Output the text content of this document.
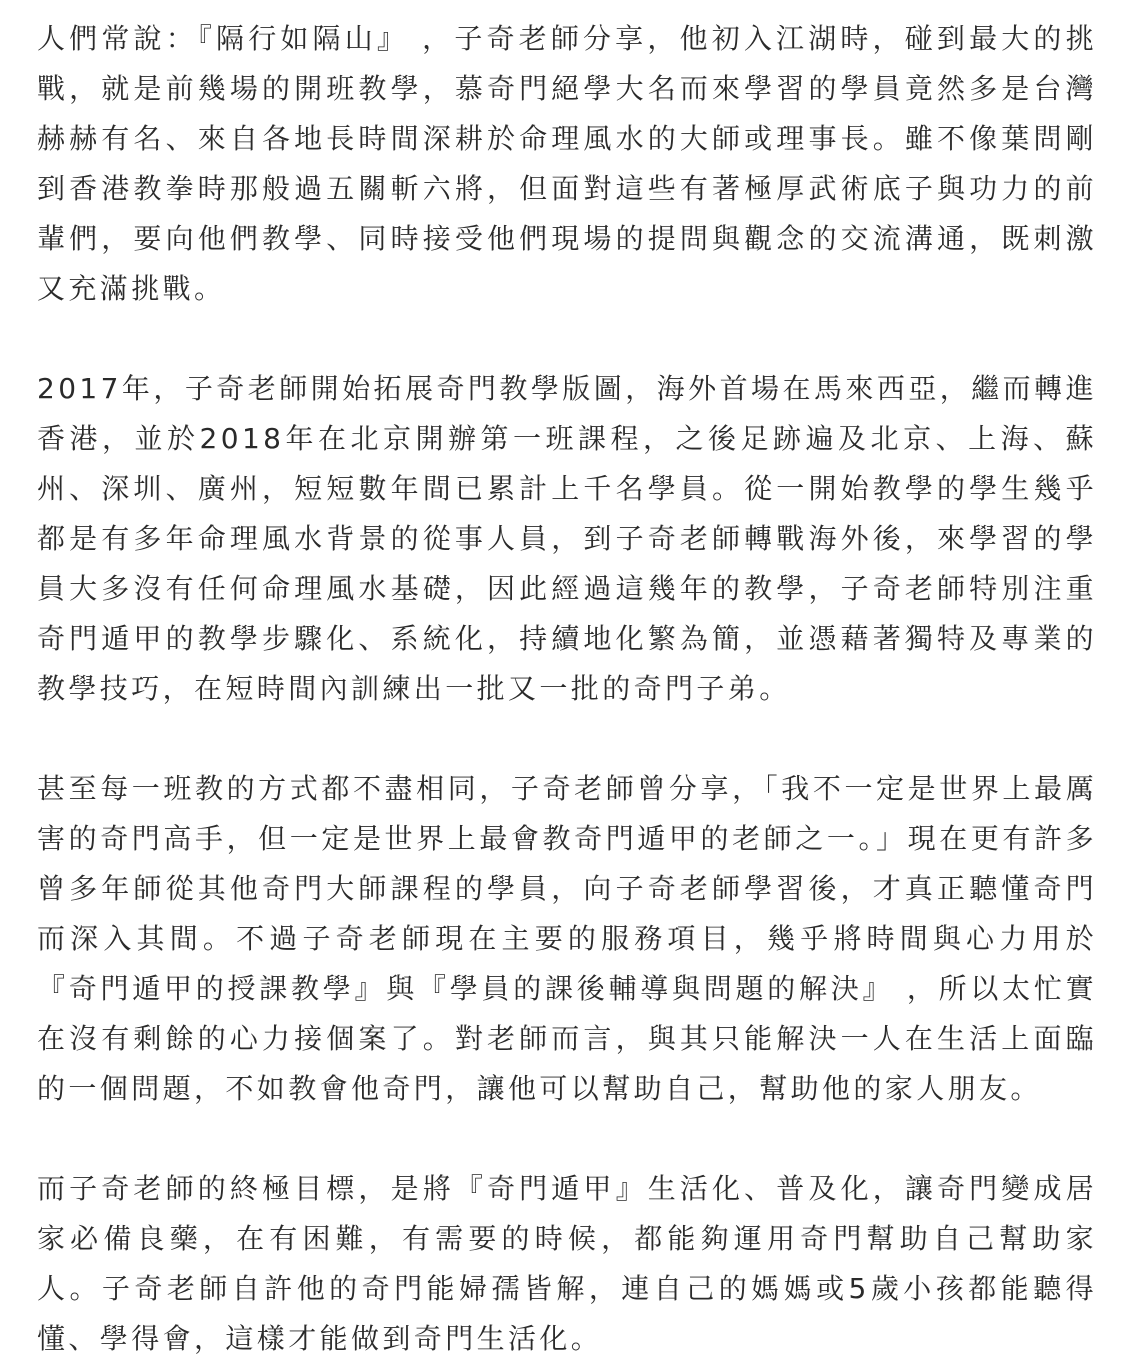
人們常說：『隔行如隔山』 ，子奇老師分享，他初入江湖時，碰到最大的挑戰，就是前幾場的開班教學，慕奇門絕學大名而來學習的學員竟然多是台灣赫赫有名、來自各地長時間深耕於命理風水的大師或理事長。雖不像葉問剛到香港教拳時那般過五關斬六將，但面對這些有著極厚武術底子與功力的前輩們，要向他們教學、同時接受他們現場的提問與觀念的交流溝通，既刺激又充滿挑戰。

2017年，子奇老師開始拓展奇門教學版圖，海外首場在馬來西亞，繼而轉進香港，並於2018年在北京開辦第一班課程，之後足跡遍及北京、上海、蘇州、深圳、廣州，短短數年間已累計上千名學員。從一開始教學的學生幾乎都是有多年命理風水背景的從事人員，到子奇老師轉戰海外後，來學習的學員大多沒有任何命理風水基礎，因此經過這幾年的教學，子奇老師特別注重奇門遁甲的教學步驟化、系統化，持續地化繁為簡，並憑藉著獨特及專業的教學技巧，在短時間內訓練出一批又一批的奇門子弟。

甚至每一班教的方式都不盡相同，子奇老師曾分享，「我不一定是世界上最厲害的奇門高手，但一定是世界上最會教奇門遁甲的老師之一。」現在更有許多曾多年師從其他奇門大師課程的學員，向子奇老師學習後，才真正聽懂奇門而深入其間。不過子奇老師現在主要的服務項目，幾乎將時間與心力用於『奇門遁甲的授課教學』與『學員的課後輔導與問題的解決』 ，所以太忙實在沒有剩餘的心力接個案了。對老師而言，與其只能解決一人在生活上面臨的一個問題，不如教會他奇門，讓他可以幫助自己，幫助他的家人朋友。

而子奇老師的終極目標，是將『奇門遁甲』生活化、普及化，讓奇門變成居家必備良藥，在有困難，有需要的時候，都能夠運用奇門幫助自己幫助家人。子奇老師自許他的奇門能婦孺皆解，連自己的媽媽或5歲小孩都能聽得懂、學得會，這樣才能做到奇門生活化。
